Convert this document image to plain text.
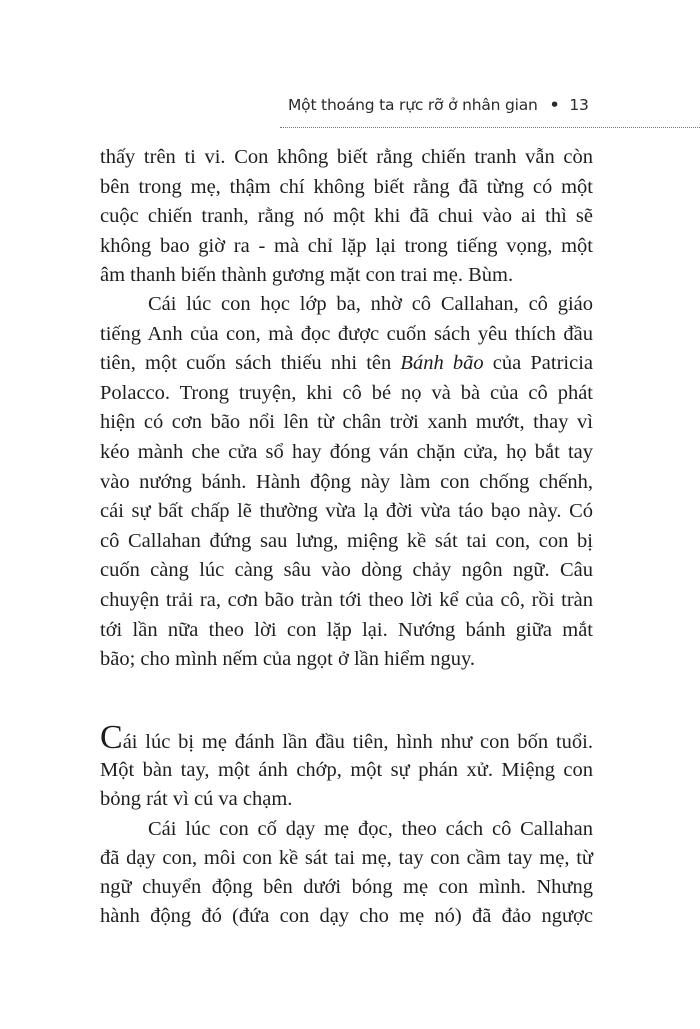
Một thoáng ta rực rỡ ở nhân gian • 13
thấy trên ti vi. Con không biết rằng chiến tranh vẫn còn
bên trong mẹ, thậm chí không biết rằng đã từng có một
cuộc chiến tranh, rằng nó một khi đã chui vào ai thì sẽ
không bao giờ ra - mà chỉ lặp lại trong tiếng vọng, một
âm thanh biến thành gương mặt con trai mẹ. Bùm.
Cái lúc con học lớp ba, nhờ cô Callahan, cô giáo
tiếng Anh của con, mà đọc được cuốn sách yêu thích đầu
tiên, một cuốn sách thiếu nhi tên Bánh bão của Patricia
Polacco. Trong truyện, khi cô bé nọ và bà của cô phát
hiện có cơn bão nổi lên từ chân trời xanh mướt, thay vì
kéo mành che cửa sổ hay đóng ván chặn cửa, họ bắt tay
vào nướng bánh. Hành động này làm con chống chếnh,
cái sự bất chấp lẽ thường vừa lạ đời vừa táo bạo này. Có
cô Callahan đứng sau lưng, miệng kề sát tai con, con bị
cuốn càng lúc càng sâu vào dòng chảy ngôn ngữ. Câu
chuyện trải ra, cơn bão tràn tới theo lời kể của cô, rồi tràn
tới lần nữa theo lời con lặp lại. Nướng bánh giữa mắt
bão; cho mình nếm của ngọt ở lần hiểm nguy.
Cái lúc bị mẹ đánh lần đầu tiên, hình như con bốn tuổi.
Một bàn tay, một ánh chớp, một sự phán xử. Miệng con
bỏng rát vì cú va chạm.
Cái lúc con cố dạy mẹ đọc, theo cách cô Callahan
đã dạy con, môi con kề sát tai mẹ, tay con cầm tay mẹ, từ
ngữ chuyển động bên dưới bóng mẹ con mình. Nhưng
hành động đó (đứa con dạy cho mẹ nó) đã đảo ngược
